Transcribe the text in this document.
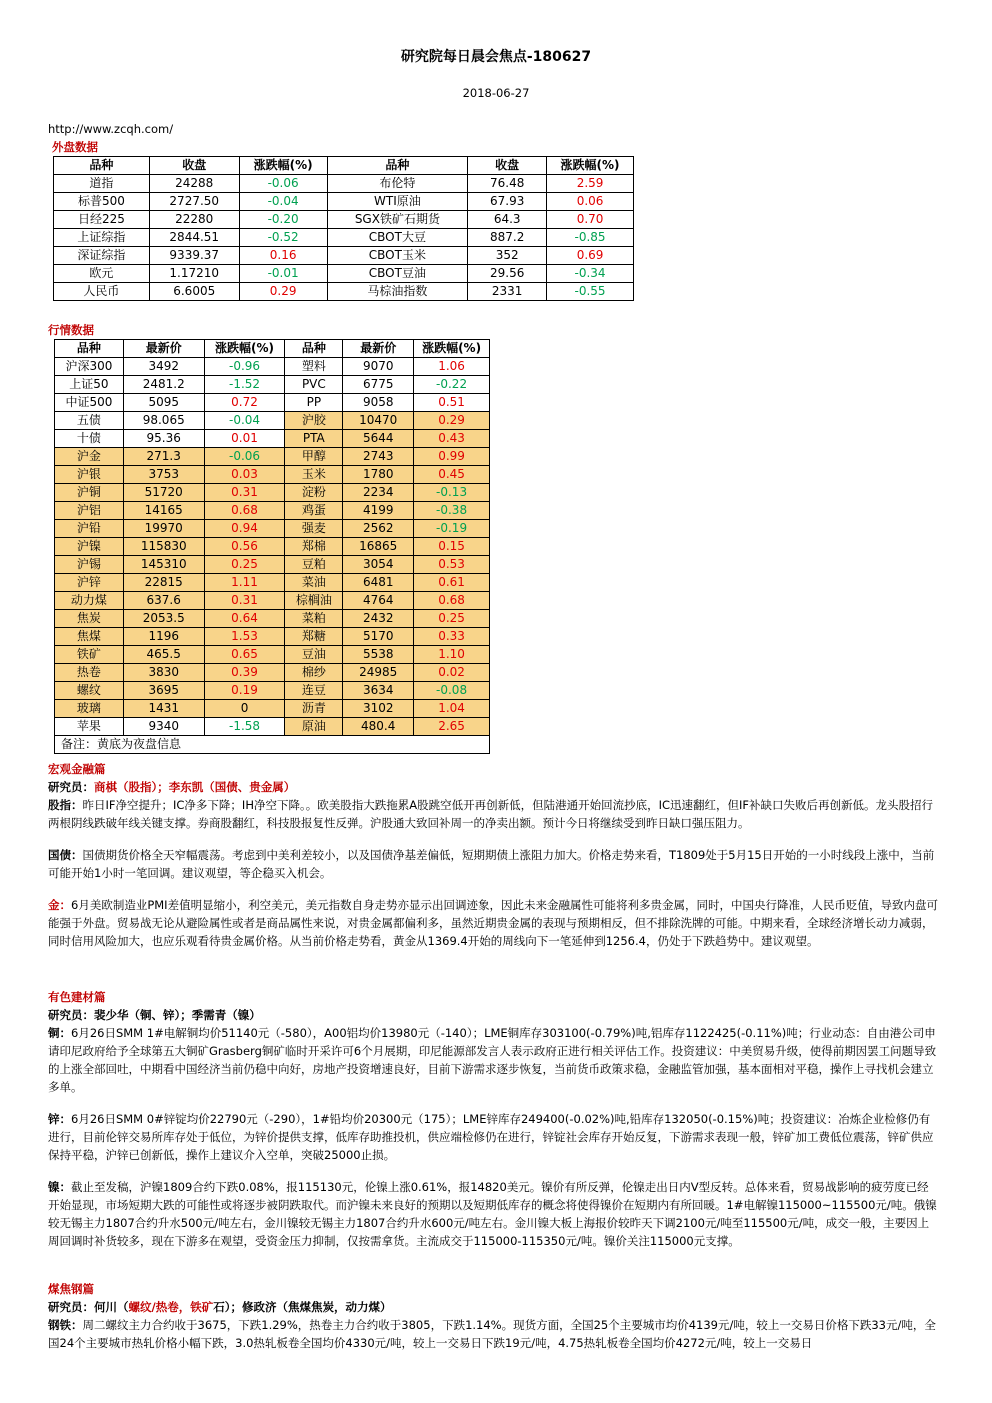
研究院每日晨会焦点-180627
2018-06-27
http://www.zcqh.com/
外盘数据
品种	收盘	涨跌幅(%)	品种	收盘	涨跌幅(%)
道指	24288	-0.06	布伦特	76.48	2.59
标普500	2727.50	-0.04	WTI原油	67.93	0.06
日经225	22280	-0.20	SGX铁矿石期货	64.3	0.70
上证综指	2844.51	-0.52	CBOT大豆	887.2	-0.85
深证综指	9339.37	0.16	CBOT玉米	352	0.69
欧元	1.17210	-0.01	CBOT豆油	29.56	-0.34
人民币	6.6005	0.29	马棕油指数	2331	-0.55
行情数据
品种	最新价	涨跌幅(%)	品种	最新价	涨跌幅(%)
沪深300	3492	-0.96	塑料	9070	1.06
上证50	2481.2	-1.52	PVC	6775	-0.22
中证500	5095	0.72	PP	9058	0.51
五债	98.065	-0.04	沪胶	10470	0.29
十债	95.36	0.01	PTA	5644	0.43
沪金	271.3	-0.06	甲醇	2743	0.99
沪银	3753	0.03	玉米	1780	0.45
沪铜	51720	0.31	淀粉	2234	-0.13
沪铝	14165	0.68	鸡蛋	4199	-0.38
沪铅	19970	0.94	强麦	2562	-0.19
沪镍	115830	0.56	郑棉	16865	0.15
沪锡	145310	0.25	豆粕	3054	0.53
沪锌	22815	1.11	菜油	6481	0.61
动力煤	637.6	0.31	棕榈油	4764	0.68
焦炭	2053.5	0.64	菜粕	2432	0.25
焦煤	1196	1.53	郑糖	5170	0.33
铁矿	465.5	0.65	豆油	5538	1.10
热卷	3830	0.39	棉纱	24985	0.02
螺纹	3695	0.19	连豆	3634	-0.08
玻璃	1431	0	沥青	3102	1.04
苹果	9340	-1.58	原油	480.4	2.65
备注：黄底为夜盘信息					
宏观金融篇

研究员：商棋（股指）；李东凯（国债、贵金属）

股指：昨日IF净空提升；IC净多下降；IH净空下降。。欧美股指大跌拖累A股跳空低开再创新低，但陆港通开始回流抄底，IC迅速翻红，但IF补缺口失败后再创新低。龙头股招行两根阴线跌破年线关键支撑。券商股翻红，科技股报复性反弹。沪股通大致回补周一的净卖出额。预计今日将继续受到昨日缺口强压阻力。

国债：国债期货价格全天窄幅震荡。考虑到中美利差较小，以及国债净基差偏低，短期期债上涨阻力加大。价格走势来看，T1809处于5月15日开始的一小时线段上涨中，当前可能开始1小时一笔回调。建议观望，等企稳买入机会。

金：6月美欧制造业PMI差值明显缩小，利空美元，美元指数自身走势亦显示出回调迹象，因此未来金融属性可能将利多贵金属，同时，中国央行降准，人民币贬值，导致内盘可能强于外盘。贸易战无论从避险属性或者是商品属性来说，对贵金属都偏利多，虽然近期贵金属的表现与预期相反，但不排除洗牌的可能。中期来看，全球经济增长动力减弱，同时信用风险加大，也应乐观看待贵金属价格。从当前价格走势看，黄金从1369.4开始的周线向下一笔延伸到1256.4，仍处于下跌趋势中。建议观望。

有色建材篇

研究员：裴少华（铜、锌）；季需青（镍）

铜：6月26日SMM 1#电解铜均价51140元（-580），A00铝均价13980元（-140）；LME铜库存303100(-0.79%)吨,铝库存1122425(-0.11%)吨；行业动态：自由港公司申请印尼政府给予全球第五大铜矿Grasberg铜矿临时开采许可6个月展期，印尼能源部发言人表示政府正进行相关评估工作。投资建议：中美贸易升级，使得前期因罢工问题导致的上涨全部回吐，中期看中国经济当前仍稳中向好，房地产投资增速良好，目前下游需求逐步恢复，当前货币政策求稳，金融监管加强，基本面相对平稳，操作上寻找机会建立多单。

锌：6月26日SMM 0#锌锭均价22790元（-290），1#铅均价20300元（175）；LME锌库存249400(-0.02%)吨,铅库存132050(-0.15%)吨；投资建议：冶炼企业检修仍有进行，目前伦锌交易所库存处于低位，为锌价提供支撑，低库存助推投机，供应端检修仍在进行，锌锭社会库存开始反复，下游需求表现一般，锌矿加工费低位震荡，锌矿供应保持平稳，沪锌已创新低，操作上建议介入空单，突破25000止损。

镍：截止至发稿，沪镍1809合约下跌0.08%，报115130元，伦镍上涨0.61%，报14820美元。镍价有所反弹，伦镍走出日内V型反转。总体来看，贸易战影响的疲劳度已经开始显现，市场短期大跌的可能性或将逐步被阴跌取代。而沪镍未来良好的预期以及短期低库存的概念将使得镍价在短期内有所回暖。1#电解镍115000~115500元/吨。俄镍较无锡主力1807合约升水500元/吨左右，金川镍较无锡主力1807合约升水600元/吨左右。金川镍大板上海报价较昨天下调2100元/吨至115500元/吨，成交一般，主要因上周回调时补货较多，现在下游多在观望，受资金压力抑制，仅按需拿货。主流成交于115000-115350元/吨。镍价关注115000元支撑。

煤焦钢篇

研究员：何川（螺纹/热卷，铁矿石）；修政济（焦煤焦炭，动力煤）

钢铁：周二螺纹主力合约收于3675，下跌1.29%，热卷主力合约收于3805，下跌1.14%。现货方面，全国25个主要城市均价4139元/吨，较上一交易日价格下跌33元/吨，全国24个主要城市热轧价格小幅下跌，3.0热轧板卷全国均价4330元/吨，较上一交易日下跌19元/吨，4.75热轧板卷全国均价4272元/吨，较上一交易日
